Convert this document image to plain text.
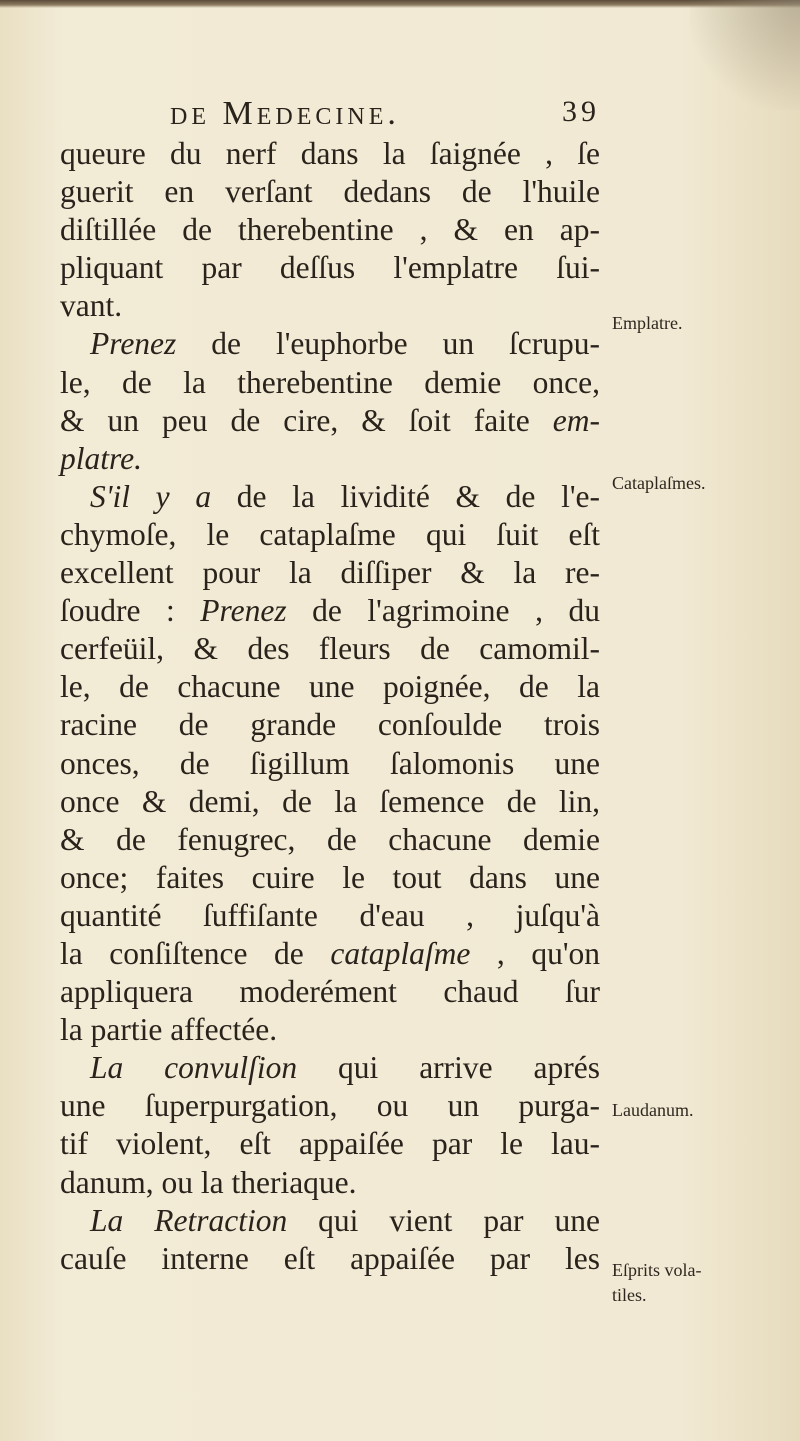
de Medecine.	39
queure du nerf dans la ſaignée , ſe
guerit en verſant dedans de l'huile
diſtillée de therebentine , & en ap-
pliquant par deſſus l'emplatre ſui-
vant.
Prenez de l'euphorbe un ſcrupu-
le, de la therebentine demie once,
& un peu de cire, & ſoit faite em-
platre.
S'il y a de la lividité & de l'e-
chymoſe, le cataplaſme qui ſuit eſt
excellent pour la diſſiper & la re-
ſoudre : Prenez de l'agrimoine , du
cerfeüil, & des fleurs de camomil-
le, de chacune une poignée, de la
racine de grande conſoulde trois
onces, de ſigillum ſalomonis une
once & demi, de la ſemence de lin,
& de fenugrec, de chacune demie
once; faites cuire le tout dans une
quantité ſuffiſante d'eau , juſqu'à
la conſiſtence de cataplaſme , qu'on
appliquera moderément chaud ſur
la partie affectée.
La convulſion qui arrive aprés
une ſuperpurgation, ou un purga-
tif violent, eſt appaiſée par le lau-
danum, ou la theriaque.
La Retraction qui vient par une
cauſe interne eſt appaiſée par les
Emplatre.
Cataplaſmes.
Laudanum.
Eſprits vola-
tiles.
